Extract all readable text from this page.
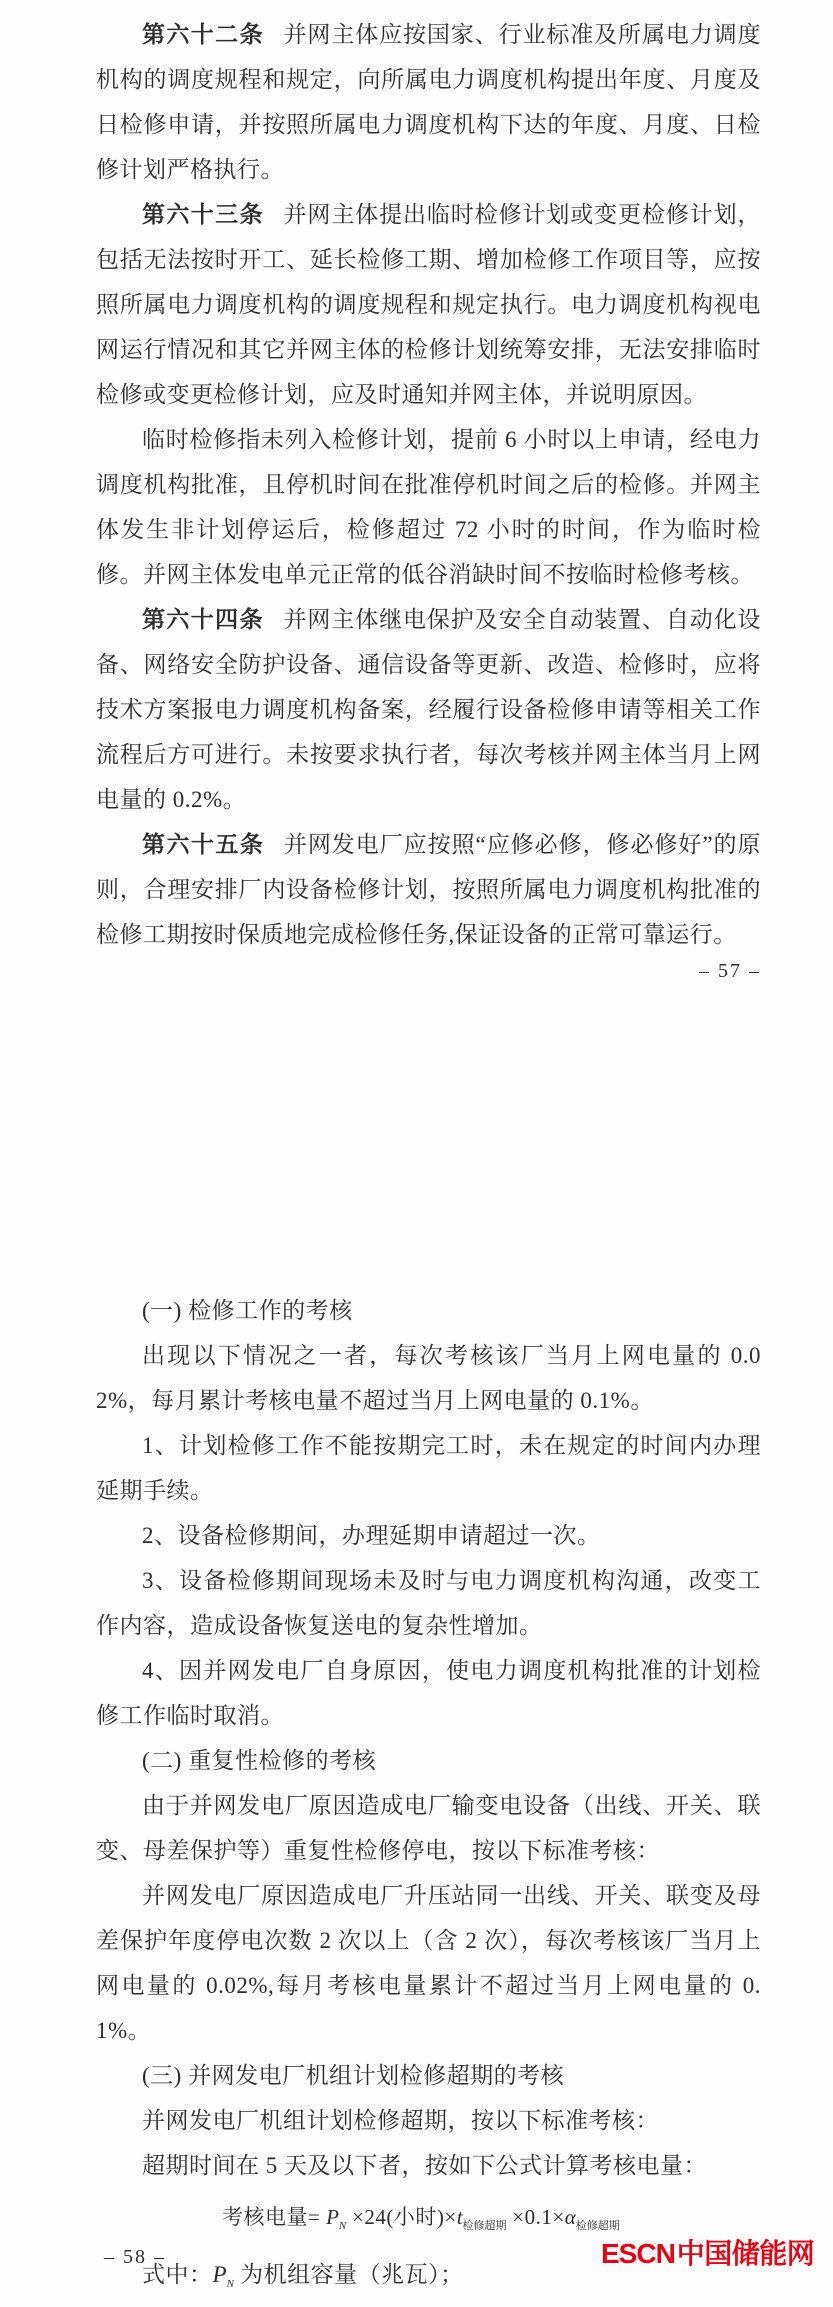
第六十二条 并网主体应按国家、行业标准及所属电力调度机构的调度规程和规定，向所属电力调度机构提出年度、月度及日检修申请，并按照所属电力调度机构下达的年度、月度、日检修计划严格执行。

第六十三条 并网主体提出临时检修计划或变更检修计划，包括无法按时开工、延长检修工期、增加检修工作项目等，应按照所属电力调度机构的调度规程和规定执行。电力调度机构视电网运行情况和其它并网主体的检修计划统筹安排，无法安排临时检修或变更检修计划，应及时通知并网主体，并说明原因。

临时检修指未列入检修计划，提前 6 小时以上申请，经电力调度机构批准，且停机时间在批准停机时间之后的检修。并网主体发生非计划停运后，检修超过 72 小时的时间，作为临时检修。并网主体发电单元正常的低谷消缺时间不按临时检修考核。

第六十四条 并网主体继电保护及安全自动装置、自动化设备、网络安全防护设备、通信设备等更新、改造、检修时，应将技术方案报电力调度机构备案，经履行设备检修申请等相关工作流程后方可进行。未按要求执行者，每次考核并网主体当月上网电量的 0.2%。

第六十五条 并网发电厂应按照“应修必修，修必修好”的原则，合理安排厂内设备检修计划，按照所属电力调度机构批准的检修工期按时保质地完成检修任务,保证设备的正常可靠运行。

– 57 –

(一) 检修工作的考核

出现以下情况之一者，每次考核该厂当月上网电量的 0.02%，每月累计考核电量不超过当月上网电量的 0.1%。

1、计划检修工作不能按期完工时，未在规定的时间内办理延期手续。

2、设备检修期间，办理延期申请超过一次。

3、设备检修期间现场未及时与电力调度机构沟通，改变工作内容，造成设备恢复送电的复杂性增加。

4、因并网发电厂自身原因，使电力调度机构批准的计划检修工作临时取消。

(二) 重复性检修的考核

由于并网发电厂原因造成电厂输变电设备（出线、开关、联变、母差保护等）重复性检修停电，按以下标准考核：

并网发电厂原因造成电厂升压站同一出线、开关、联变及母差保护年度停电次数 2 次以上（含 2 次），每次考核该厂当月上网电量的 0.02%,每月考核电量累计不超过当月上网电量的 0.1%。

(三) 并网发电厂机组计划检修超期的考核

并网发电厂机组计划检修超期，按以下标准考核：

超期时间在 5 天及以下者，按如下公式计算考核电量：

考核电量= $P_N \times 24$(小时)$\times t_{检修超期} \times 0.1\times\alpha_{检修超期}$

式中：$P_N$ 为机组容量（兆瓦）；

– 58 –	ESCN中国储能网
